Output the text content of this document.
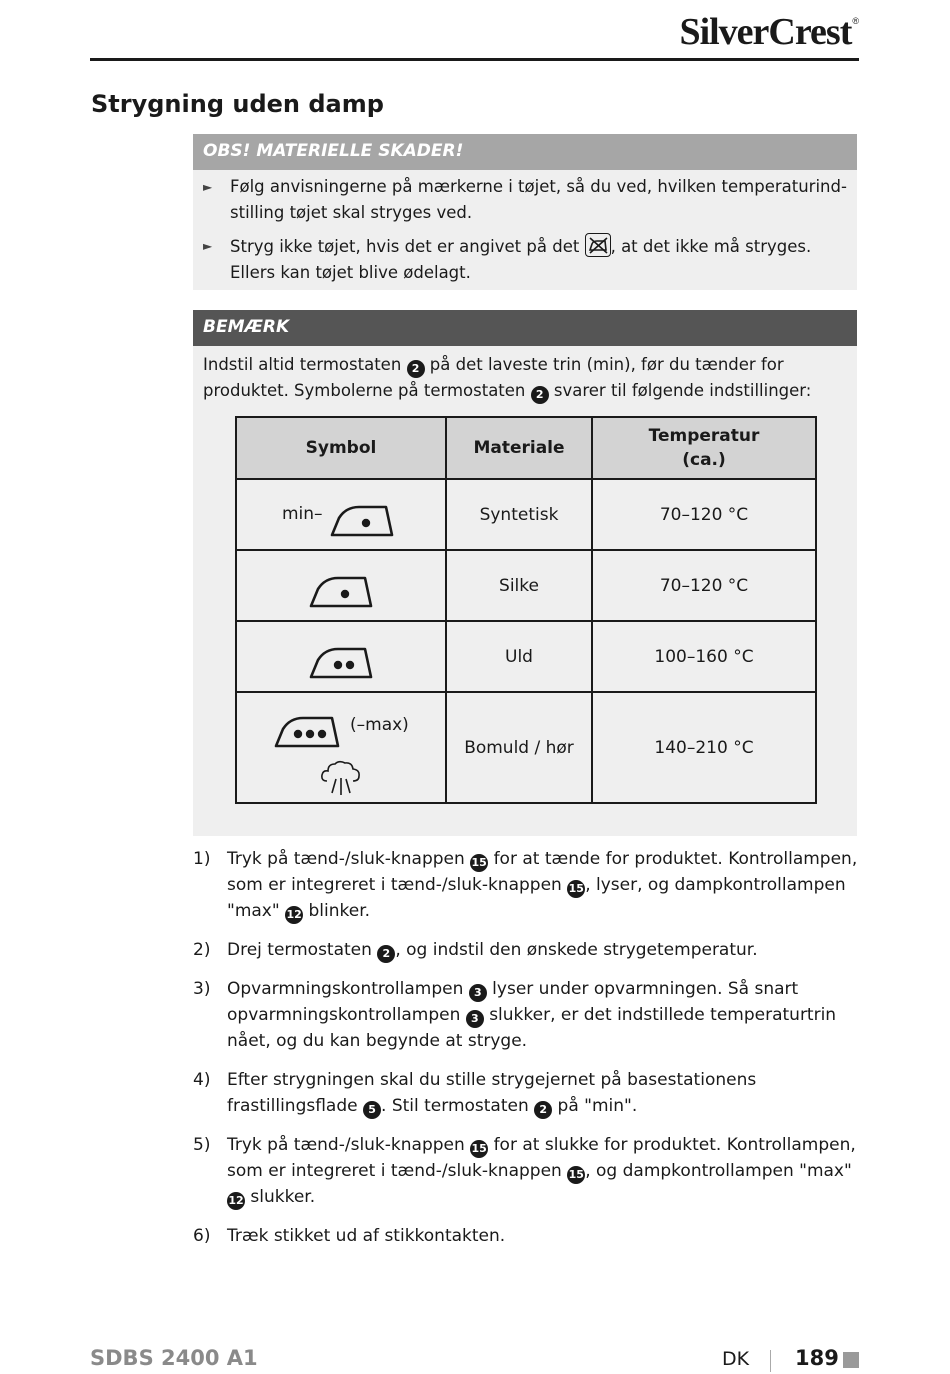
SilverCrest®
Strygning uden damp
OBS! MATERIELLE SKADER!
► Følg anvisningerne på mærkerne i tøjet, så du ved, hvilken temperaturindstilling tøjet skal stryges ved.
► Stryg ikke tøjet, hvis det er angivet på det , at det ikke må stryges. Ellers kan tøjet blive ødelagt.
BEMÆRK
Indstil altid termostaten 2 på det laveste trin (min), før du tænder for produktet. Symbolerne på termostaten 2 svarer til følgende indstillinger:
Symbol	Materiale	Temperatur
(ca.)

min–	Syntetisk	70–120 °C

	Silke	70–120 °C

	Uld	100–160 °C

(–max)	Bomuld / hør	140–210 °C
1) Tryk på tænd-/sluk-knappen 15 for at tænde for produktet. Kontrollampen, som er integreret i tænd-/sluk-knappen 15, lyser, og dampkontrollampen "max" 12 blinker.
2) Drej termostaten 2 , og indstil den ønskede strygetemperatur.
3) Opvarmningskontrollampen 3 lyser under opvarmningen. Så snart opvarmningskontrollampen 3 slukker, er det indstillede temperaturtrin nået, og du kan begynde at stryge.
4) Efter strygningen skal du stille strygejernet på basestationens frastillingsflade 5 . Stil termostaten 2 på "min".
5) Tryk på tænd-/sluk-knappen 15 for at slukke for produktet. Kontrollampen, som er integreret i tænd-/sluk-knappen 15, og dampkontrollampen "max" 12 slukker.
6) Træk stikket ud af stikkontakten.
SDBS 2400 A1	DK 189
